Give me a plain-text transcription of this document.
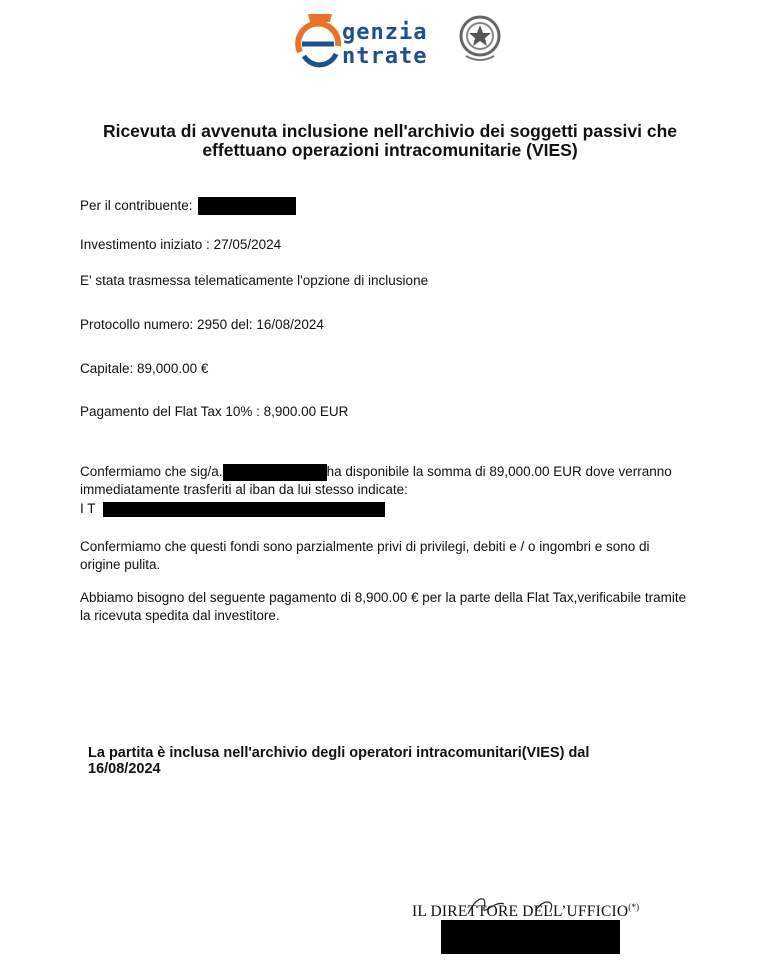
genzia
ntrate
Ricevuta di avvenuta inclusione nell'archivio dei soggetti passivi che effettuano operazioni intracomunitarie (VIES)
Per il contribuente:
Investimento iniziato : 27/05/2024
E' stata trasmessa telematicamente l'opzione di inclusione
Protocollo numero: 2950 del: 16/08/2024
Capitale: 89,000.00 €
Pagamento del Flat Tax 10% : 8,900.00 EUR
Confermiamo che sig/a.	ha disponibile la somma di 89,000.00 EUR dove verranno immediatamente trasferiti al iban da lui stesso indicate:
I T
Confermiamo che questi fondi sono parzialmente privi di privilegi, debiti e / o ingombri e sono di origine pulita.
Abbiamo bisogno del seguente pagamento di 8,900.00 € per la parte della Flat Tax,verificabile tramite la ricevuta spedita dal investitore.
La partita è inclusa nell'archivio degli operatori intracomunitari(VIES) dal 16/08/2024
IL DIRETTORE DELL’UFFICIO(*)
